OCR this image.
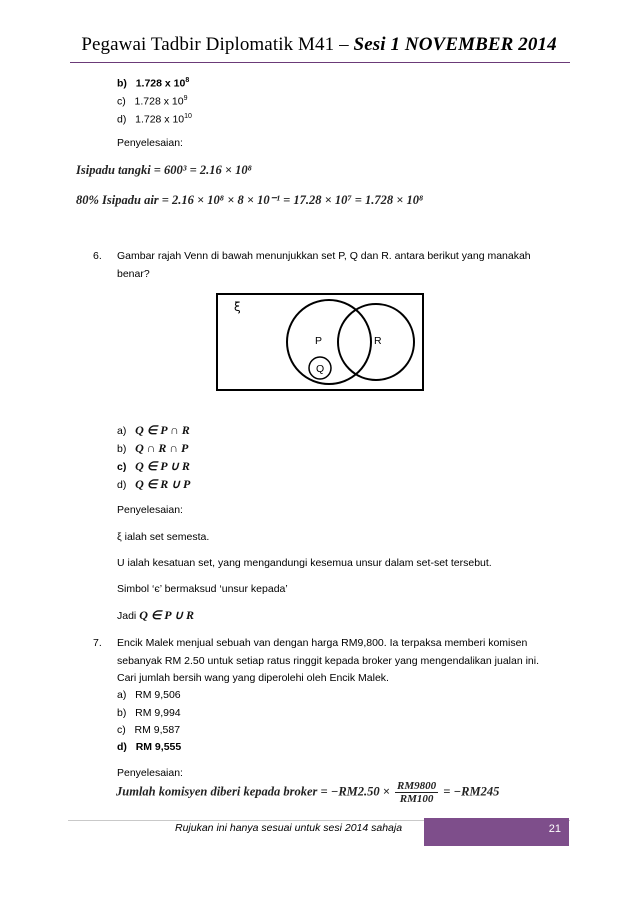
Pegawai Tadbir Diplomatik M41 – Sesi 1 NOVEMBER 2014
b) 1.728 x $10^8$
c) 1.728 x $10^9$
d) 1.728 x $10^{10}$
Penyelesaian:
Isipadu tangki = 600³ = 2.16 × 10⁸
80% Isipadu air = 2.16 × 10⁸ × 8 × 10⁻¹ = 17.28 × 10⁷ = 1.728 × 10⁸
6. Gambar rajah Venn di bawah menunjukkan set P, Q dan R. antara berikut yang manakah
benar?
ξ
P	R
Q
a) Q ∈ P ∩ R
b) Q ∩ R ∩ P
c) Q ∈ P ∪ R
d) Q ∈ R ∪ P
Penyelesaian:
ξ ialah set semesta.
U ialah kesatuan set, yang mengandungi kesemua unsur dalam set-set tersebut.
Simbol ‘є’ bermaksud ‘unsur kepada’
Jadi Q ∈ P ∪ R
7. Encik Malek menjual sebuah van dengan harga RM9,800. Ia terpaksa memberi komisen
sebanyak RM 2.50 untuk setiap ratus ringgit kepada broker yang mengendalikan jualan ini.
Cari jumlah bersih wang yang diperolehi oleh Encik Malek.
a) RM 9,506
b) RM 9,994
c) RM 9,587
d) RM 9,555
Penyelesaian:
Jumlah komisyen diberi kepada broker = $-RM2.50 \times \frac{RM9800}{RM100} = -RM245$
21
Rujukan ini hanya sesuai untuk sesi 2014 sahaja
